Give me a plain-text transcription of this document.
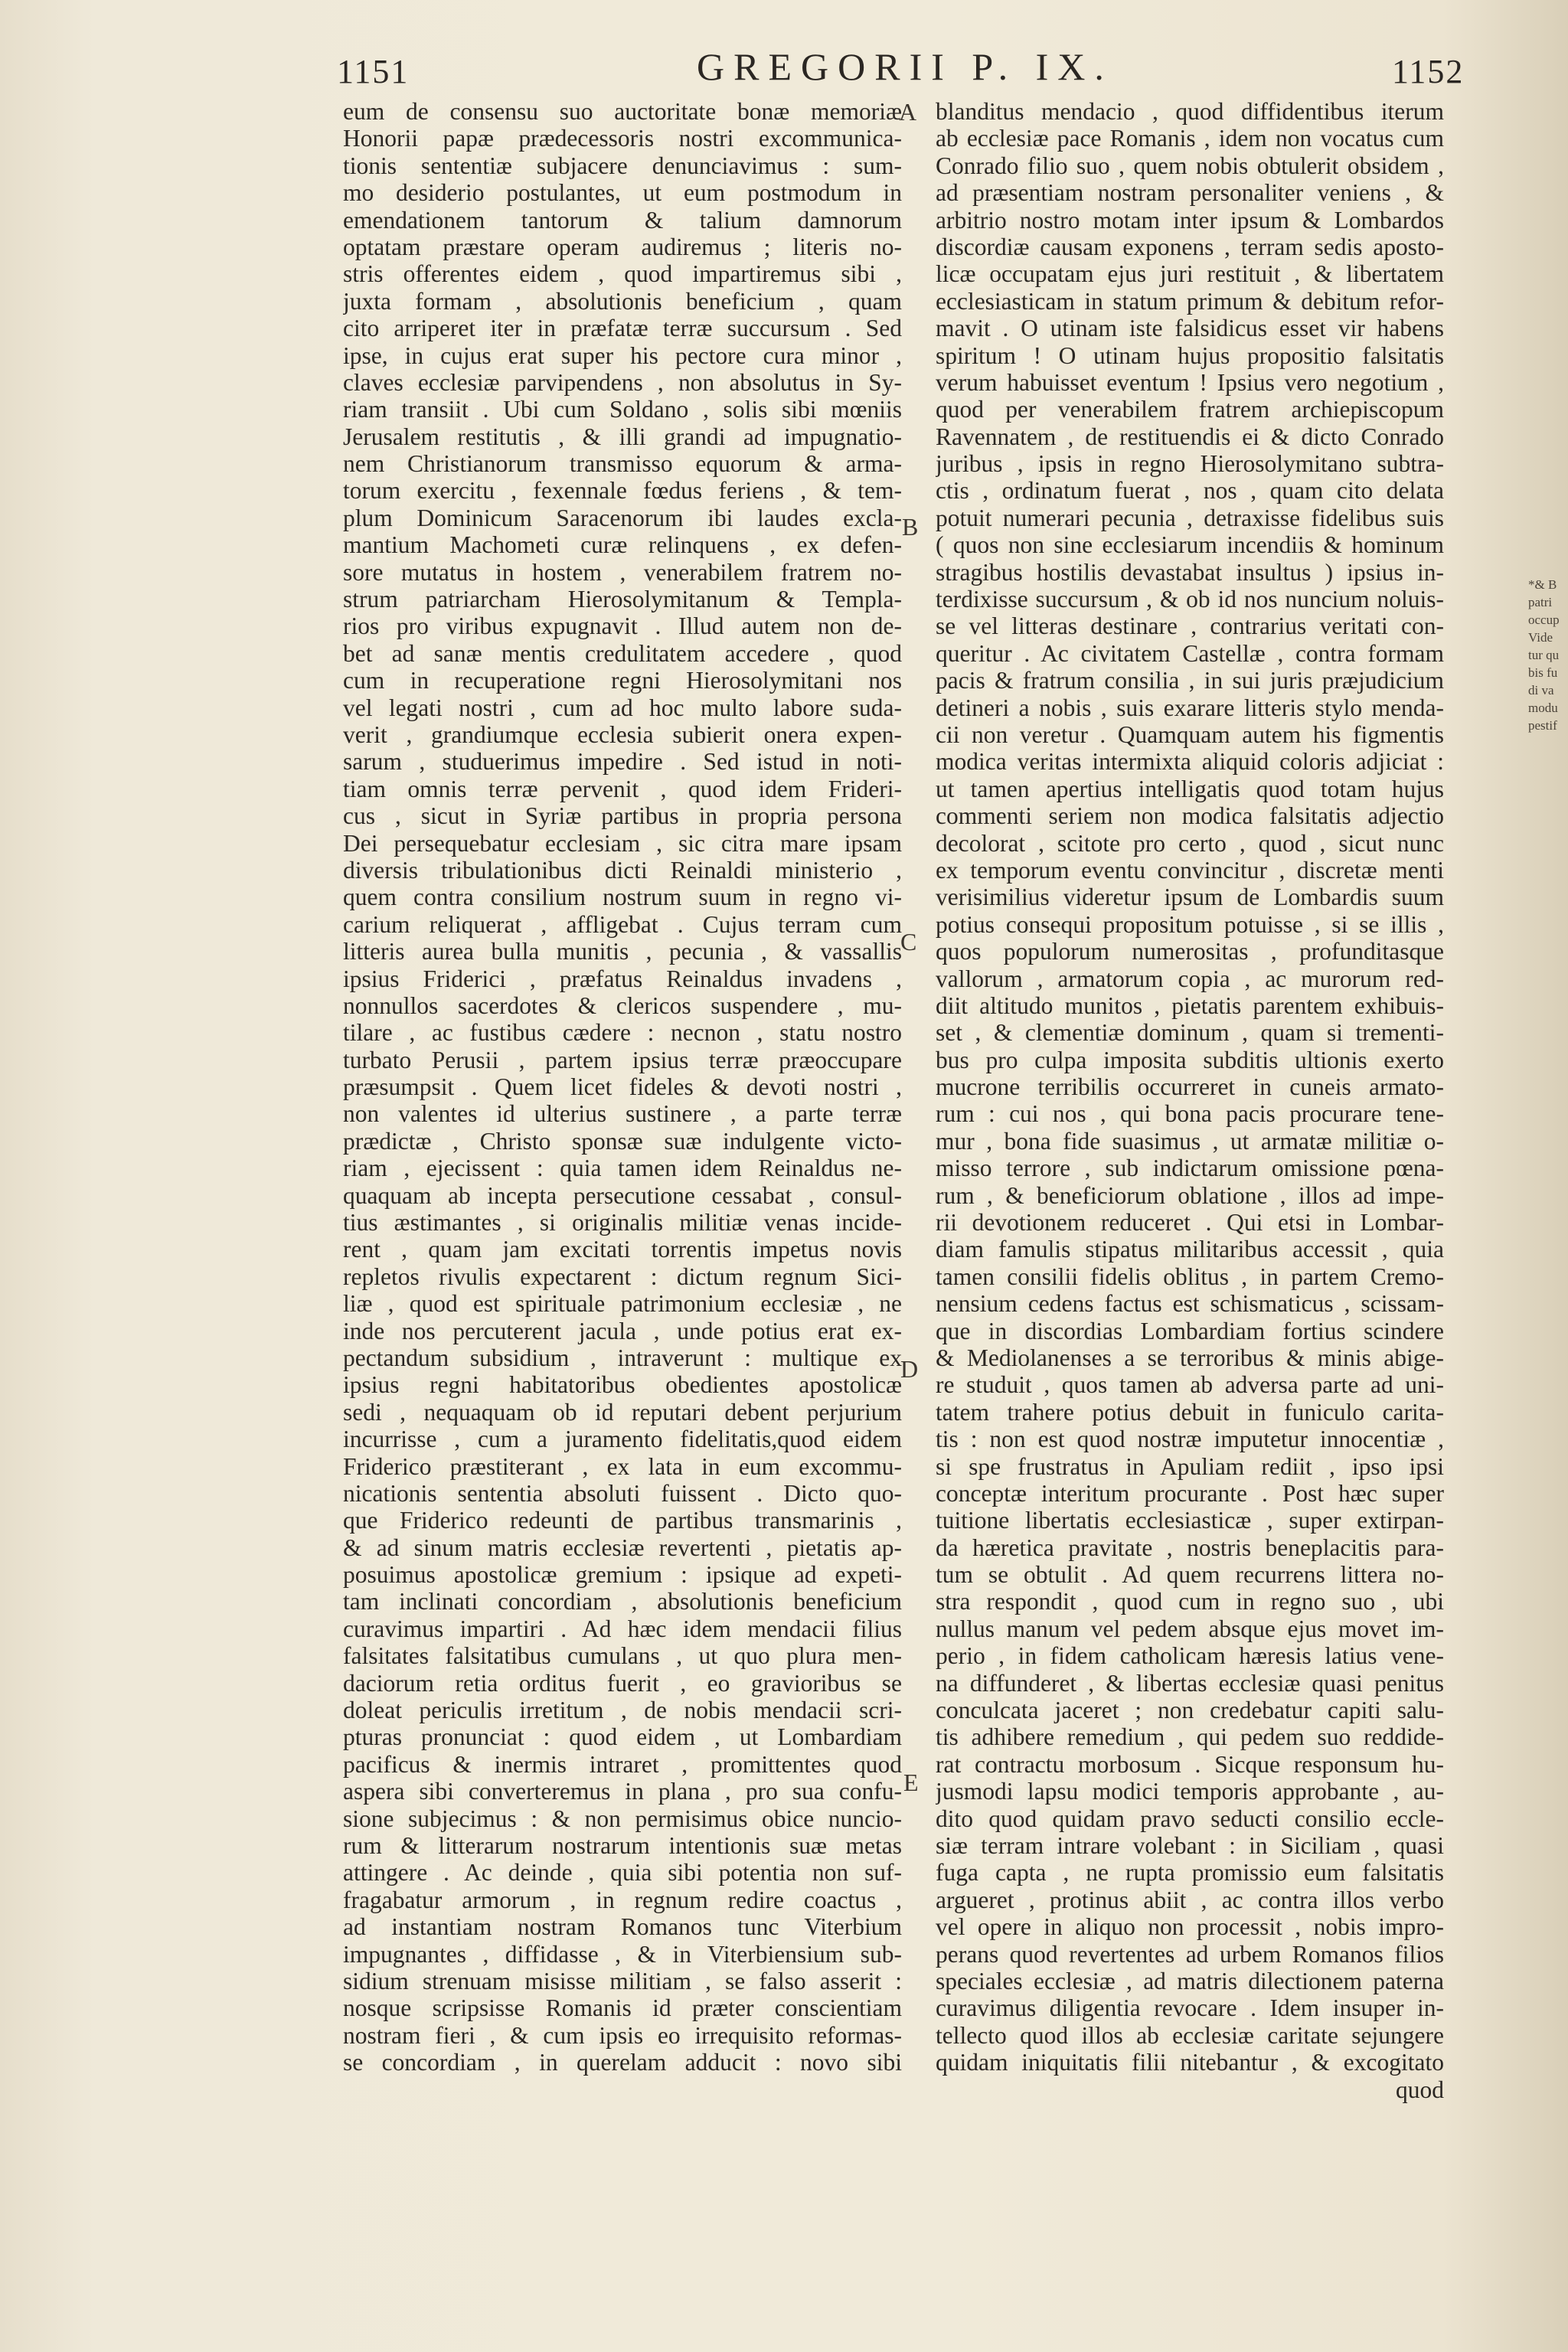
1151	GREGORII P. IX.	1152
eum de consensu suo auctoritate bonæ memoriæ
Honorii papæ prædecessoris nostri excommunica-
tionis sententiæ subjacere denunciavimus : sum-
mo desiderio postulantes, ut eum postmodum in
emendationem tantorum & talium damnorum
optatam præstare operam audiremus ; literis no-
stris offerentes eidem , quod impartiremus sibi ,
juxta formam , absolutionis beneficium , quam
cito arriperet iter in præfatæ terræ succursum . Sed
ipse, in cujus erat super his pectore cura minor ,
claves ecclesiæ parvipendens , non absolutus in Sy-
riam transiit . Ubi cum Soldano , solis sibi mœniis
Jerusalem restitutis , & illi grandi ad impugnatio-
nem Christianorum transmisso equorum & arma-
torum exercitu , fexennale fœdus feriens , & tem-
plum Dominicum Saracenorum ibi laudes excla-
mantium Machometi curæ relinquens , ex defen-
sore mutatus in hostem , venerabilem fratrem no-
strum patriarcham Hierosolymitanum & Templa-
rios pro viribus expugnavit . Illud autem non de-
bet ad sanæ mentis credulitatem accedere , quod
cum in recuperatione regni Hierosolymitani nos
vel legati nostri , cum ad hoc multo labore suda-
verit , grandiumque ecclesia subierit onera expen-
sarum , studuerimus impedire . Sed istud in noti-
tiam omnis terræ pervenit , quod idem Frideri-
cus , sicut in Syriæ partibus in propria persona
Dei persequebatur ecclesiam , sic citra mare ipsam
diversis tribulationibus dicti Reinaldi ministerio ,
quem contra consilium nostrum suum in regno vi-
carium reliquerat , affligebat . Cujus terram cum
litteris aurea bulla munitis , pecunia , & vassallis
ipsius Friderici , præfatus Reinaldus invadens ,
nonnullos sacerdotes & clericos suspendere , mu-
tilare , ac fustibus cædere : necnon , statu nostro
turbato Perusii , partem ipsius terræ præoccupare
præsumpsit . Quem licet fideles & devoti nostri ,
non valentes id ulterius sustinere , a parte terræ
prædictæ , Christo sponsæ suæ indulgente victo-
riam , ejecissent : quia tamen idem Reinaldus ne-
quaquam ab incepta persecutione cessabat , consul-
tius æstimantes , si originalis militiæ venas incide-
rent , quam jam excitati torrentis impetus novis
repletos rivulis expectarent : dictum regnum Sici-
liæ , quod est spirituale patrimonium ecclesiæ , ne
inde nos percuterent jacula , unde potius erat ex-
pectandum subsidium , intraverunt : multique ex
ipsius regni habitatoribus obedientes apostolicæ
sedi , nequaquam ob id reputari debent perjurium
incurrisse , cum a juramento fidelitatis,quod eidem
Friderico præstiterant , ex lata in eum excommu-
nicationis sententia absoluti fuissent . Dicto quo-
que Friderico redeunti de partibus transmarinis ,
& ad sinum matris ecclesiæ revertenti , pietatis ap-
posuimus apostolicæ gremium : ipsique ad expeti-
tam inclinati concordiam , absolutionis beneficium
curavimus impartiri . Ad hæc idem mendacii filius
falsitates falsitatibus cumulans , ut quo plura men-
daciorum retia orditus fuerit , eo gravioribus se
doleat periculis irretitum , de nobis mendacii scri-
pturas pronunciat : quod eidem , ut Lombardiam
pacificus & inermis intraret , promittentes quod
aspera sibi converteremus in plana , pro sua confu-
sione subjecimus : & non permisimus obice nuncio-
rum & litterarum nostrarum intentionis suæ metas
attingere . Ac deinde , quia sibi potentia non suf-
fragabatur armorum , in regnum redire coactus ,
ad instantiam nostram Romanos tunc Viterbium
impugnantes , diffidasse , & in Viterbiensium sub-
sidium strenuam misisse militiam , se falso asserit :
nosque scripsisse Romanis id præter conscientiam
nostram fieri , & cum ipsis eo irrequisito reformas-
se concordiam , in querelam adducit : novo sibi
blanditus mendacio , quod diffidentibus iterum
ab ecclesiæ pace Romanis , idem non vocatus cum
Conrado filio suo , quem nobis obtulerit obsidem ,
ad præsentiam nostram personaliter veniens , &
arbitrio nostro motam inter ipsum & Lombardos
discordiæ causam exponens , terram sedis aposto-
licæ occupatam ejus juri restituit , & libertatem
ecclesiasticam in statum primum & debitum refor-
mavit . O utinam iste falsidicus esset vir habens
spiritum ! O utinam hujus propositio falsitatis
verum habuisset eventum ! Ipsius vero negotium ,
quod per venerabilem fratrem archiepiscopum
Ravennatem , de restituendis ei & dicto Conrado
juribus , ipsis in regno Hierosolymitano subtra-
ctis , ordinatum fuerat , nos , quam cito delata
potuit numerari pecunia , detraxisse fidelibus suis
( quos non sine ecclesiarum incendiis & hominum
stragibus hostilis devastabat insultus ) ipsius in-
terdixisse succursum , & ob id nos nuncium noluis-
se vel litteras destinare , contrarius veritati con-
queritur . Ac civitatem Castellæ , contra formam
pacis & fratrum consilia , in sui juris præjudicium
detineri a nobis , suis exarare litteris stylo menda-
cii non veretur . Quamquam autem his figmentis
modica veritas intermixta aliquid coloris adjiciat :
ut tamen apertius intelligatis quod totam hujus
commenti seriem non modica falsitatis adjectio
decolorat , scitote pro certo , quod , sicut nunc
ex temporum eventu convincitur , discretæ menti
verisimilius videretur ipsum de Lombardis suum
potius consequi propositum potuisse , si se illis ,
quos populorum numerositas , profunditasque
vallorum , armatorum copia , ac murorum red-
diit altitudo munitos , pietatis parentem exhibuis-
set , & clementiæ dominum , quam si trementi-
bus pro culpa imposita subditis ultionis exerto
mucrone terribilis occurreret in cuneis armato-
rum : cui nos , qui bona pacis procurare tene-
mur , bona fide suasimus , ut armatæ militiæ o-
misso terrore , sub indictarum omissione pœna-
rum , & beneficiorum oblatione , illos ad impe-
rii devotionem reduceret . Qui etsi in Lombar-
diam famulis stipatus militaribus accessit , quia
tamen consilii fidelis oblitus , in partem Cremo-
nensium cedens factus est schismaticus , scissam-
que in discordias Lombardiam fortius scindere
& Mediolanenses a se terroribus & minis abige-
re studuit , quos tamen ab adversa parte ad uni-
tatem trahere potius debuit in funiculo carita-
tis : non est quod nostræ imputetur innocentiæ ,
si spe frustratus in Apuliam rediit , ipso ipsi
conceptæ interitum procurante . Post hæc super
tuitione libertatis ecclesiasticæ , super extirpan-
da hæretica pravitate , nostris beneplacitis para-
tum se obtulit . Ad quem recurrens littera no-
stra respondit , quod cum in regno suo , ubi
nullus manum vel pedem absque ejus movet im-
perio , in fidem catholicam hæresis latius vene-
na diffunderet , & libertas ecclesiæ quasi penitus
conculcata jaceret ; non credebatur capiti salu-
tis adhibere remedium , qui pedem suo reddide-
rat contractu morbosum . Sicque responsum hu-
jusmodi lapsu modici temporis approbante , au-
dito quod quidam pravo seducti consilio eccle-
siæ terram intrare volebant : in Siciliam , quasi
fuga capta , ne rupta promissio eum falsitatis
argueret , protinus abiit , ac contra illos verbo
vel opere in aliquo non processit , nobis impro-
perans quod revertentes ad urbem Romanos filios
speciales ecclesiæ , ad matris dilectionem paterna
curavimus diligentia revocare . Idem insuper in-
tellecto quod illos ab ecclesiæ caritate sejungere
quidam iniquitatis filii nitebantur , & excogitato
quod
A
B
C
D
E
*& B
patri
occup
Vide
tur qu
bis fu
di va
modu
pestif
